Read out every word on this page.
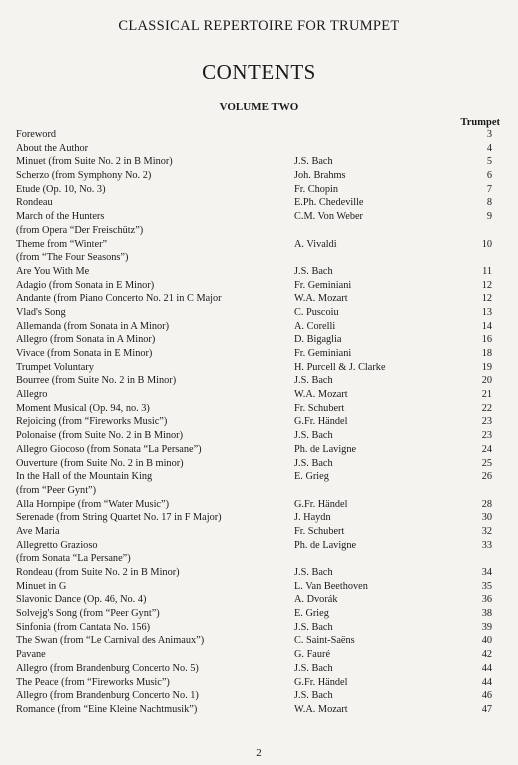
CLASSICAL REPERTOIRE FOR TRUMPET
CONTENTS
VOLUME TWO
Trumpet
Foreword	3
About the Author	4
Minuet (from Suite No. 2 in B Minor)	J.S. Bach	5
Scherzo (from Symphony No. 2)	Joh. Brahms	6
Etude (Op. 10, No. 3)	Fr. Chopin	7
Rondeau	E.Ph. Chedeville	8
March of the Hunters	C.M. Von Weber	9
(from Opera “Der Freischütz”)
Theme from “Winter”	A. Vivaldi	10
(from “The Four Seasons”)
Are You With Me	J.S. Bach	11
Adagio (from Sonata in E Minor)	Fr. Geminiani	12
Andante (from Piano Concerto No. 21 in C Major	W.A. Mozart	12
Vlad's Song	C. Puscoiu	13
Allemanda (from Sonata in A Minor)	A. Corelli	14
Allegro (from Sonata in A Minor)	D. Bigaglia	16
Vivace (from Sonata in E Minor)	Fr. Geminiani	18
Trumpet Voluntary	H. Purcell & J. Clarke	19
Bourree (from Suite No. 2 in B Minor)	J.S. Bach	20
Allegro	W.A. Mozart	21
Moment Musical (Op. 94, no. 3)	Fr. Schubert	22
Rejoicing (from “Fireworks Music”)	G.Fr. Händel	23
Polonaise (from Suite No. 2 in B Minor)	J.S. Bach	23
Allegro Giocoso (from Sonata “La Persane”)	Ph. de Lavigne	24
Ouverture (from Suite No. 2 in B minor)	J.S. Bach	25
In the Hall of the Mountain King	E. Grieg	26
(from “Peer Gynt”)
Alla Hornpipe (from “Water Music”)	G.Fr. Händel	28
Serenade (from String Quartet No. 17 in F Major)	J. Haydn	30
Ave Maria	Fr. Schubert	32
Allegretto Grazioso	Ph. de Lavigne	33
(from Sonata “La Persane”)
Rondeau (from Suite No. 2 in B Minor)	J.S. Bach	34
Minuet in G	L. Van Beethoven	35
Slavonic Dance (Op. 46, No. 4)	A. Dvorák	36
Solvejg's Song (from “Peer Gynt”)	E. Grieg	38
Sinfonia (from Cantata No. 156)	J.S. Bach	39
The Swan (from “Le Carnival des Animaux”)	C. Saint-Saëns	40
Pavane	G. Fauré	42
Allegro (from Brandenburg Concerto No. 5)	J.S. Bach	44
The Peace (from “Fireworks Music”)	G.Fr. Händel	44
Allegro (from Brandenburg Concerto No. 1)	J.S. Bach	46
Romance (from “Eine Kleine Nachtmusik”)	W.A. Mozart	47
2
